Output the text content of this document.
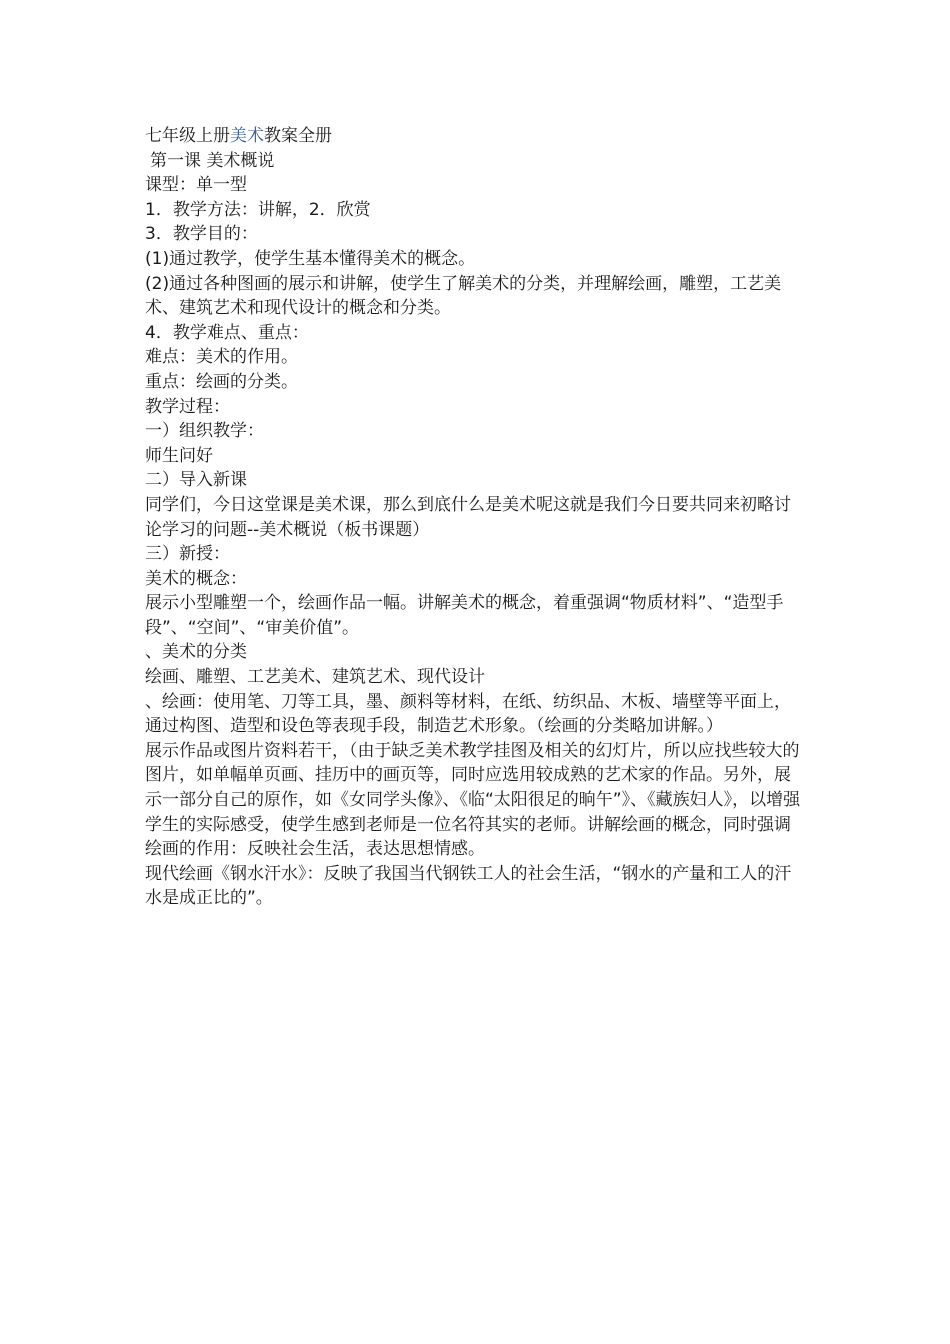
七年级上册美术教案全册
第一课 美术概说
课型：单一型
1．教学方法：讲解，2．欣赏
3．教学目的：
(1)通过教学，使学生基本懂得美术的概念。
(2)通过各种图画的展示和讲解，使学生了解美术的分类，并理解绘画，雕塑，工艺美术、建筑艺术和现代设计的概念和分类。
4．教学难点、重点：
难点：美术的作用。
重点：绘画的分类。
教学过程：
一）组织教学：
师生问好
二）导入新课
同学们，今日这堂课是美术课，那么到底什么是美术呢这就是我们今日要共同来初略讨论学习的问题--美术概说（板书课题）
三）新授：
美术的概念：
展示小型雕塑一个，绘画作品一幅。讲解美术的概念，着重强调“物质材料”、“造型手段”、“空间”、“审美价值”。
、美术的分类
绘画、雕塑、工艺美术、建筑艺术、现代设计
、绘画：使用笔、刀等工具，墨、颜料等材料，在纸、纺织品、木板、墙壁等平面上，通过构图、造型和设色等表现手段，制造艺术形象。（绘画的分类略加讲解。）
展示作品或图片资料若干，（由于缺乏美术教学挂图及相关的幻灯片，所以应找些较大的图片，如单幅单页画、挂历中的画页等，同时应选用较成熟的艺术家的作品。另外，展示一部分自己的原作，如《女同学头像》、《临“太阳很足的晌午”》、《藏族妇人》，以增强学生的实际感受，使学生感到老师是一位名符其实的老师。讲解绘画的概念，同时强调绘画的作用：反映社会生活，表达思想情感。
现代绘画《钢水汗水》：反映了我国当代钢铁工人的社会生活，“钢水的产量和工人的汗水是成正比的”。
